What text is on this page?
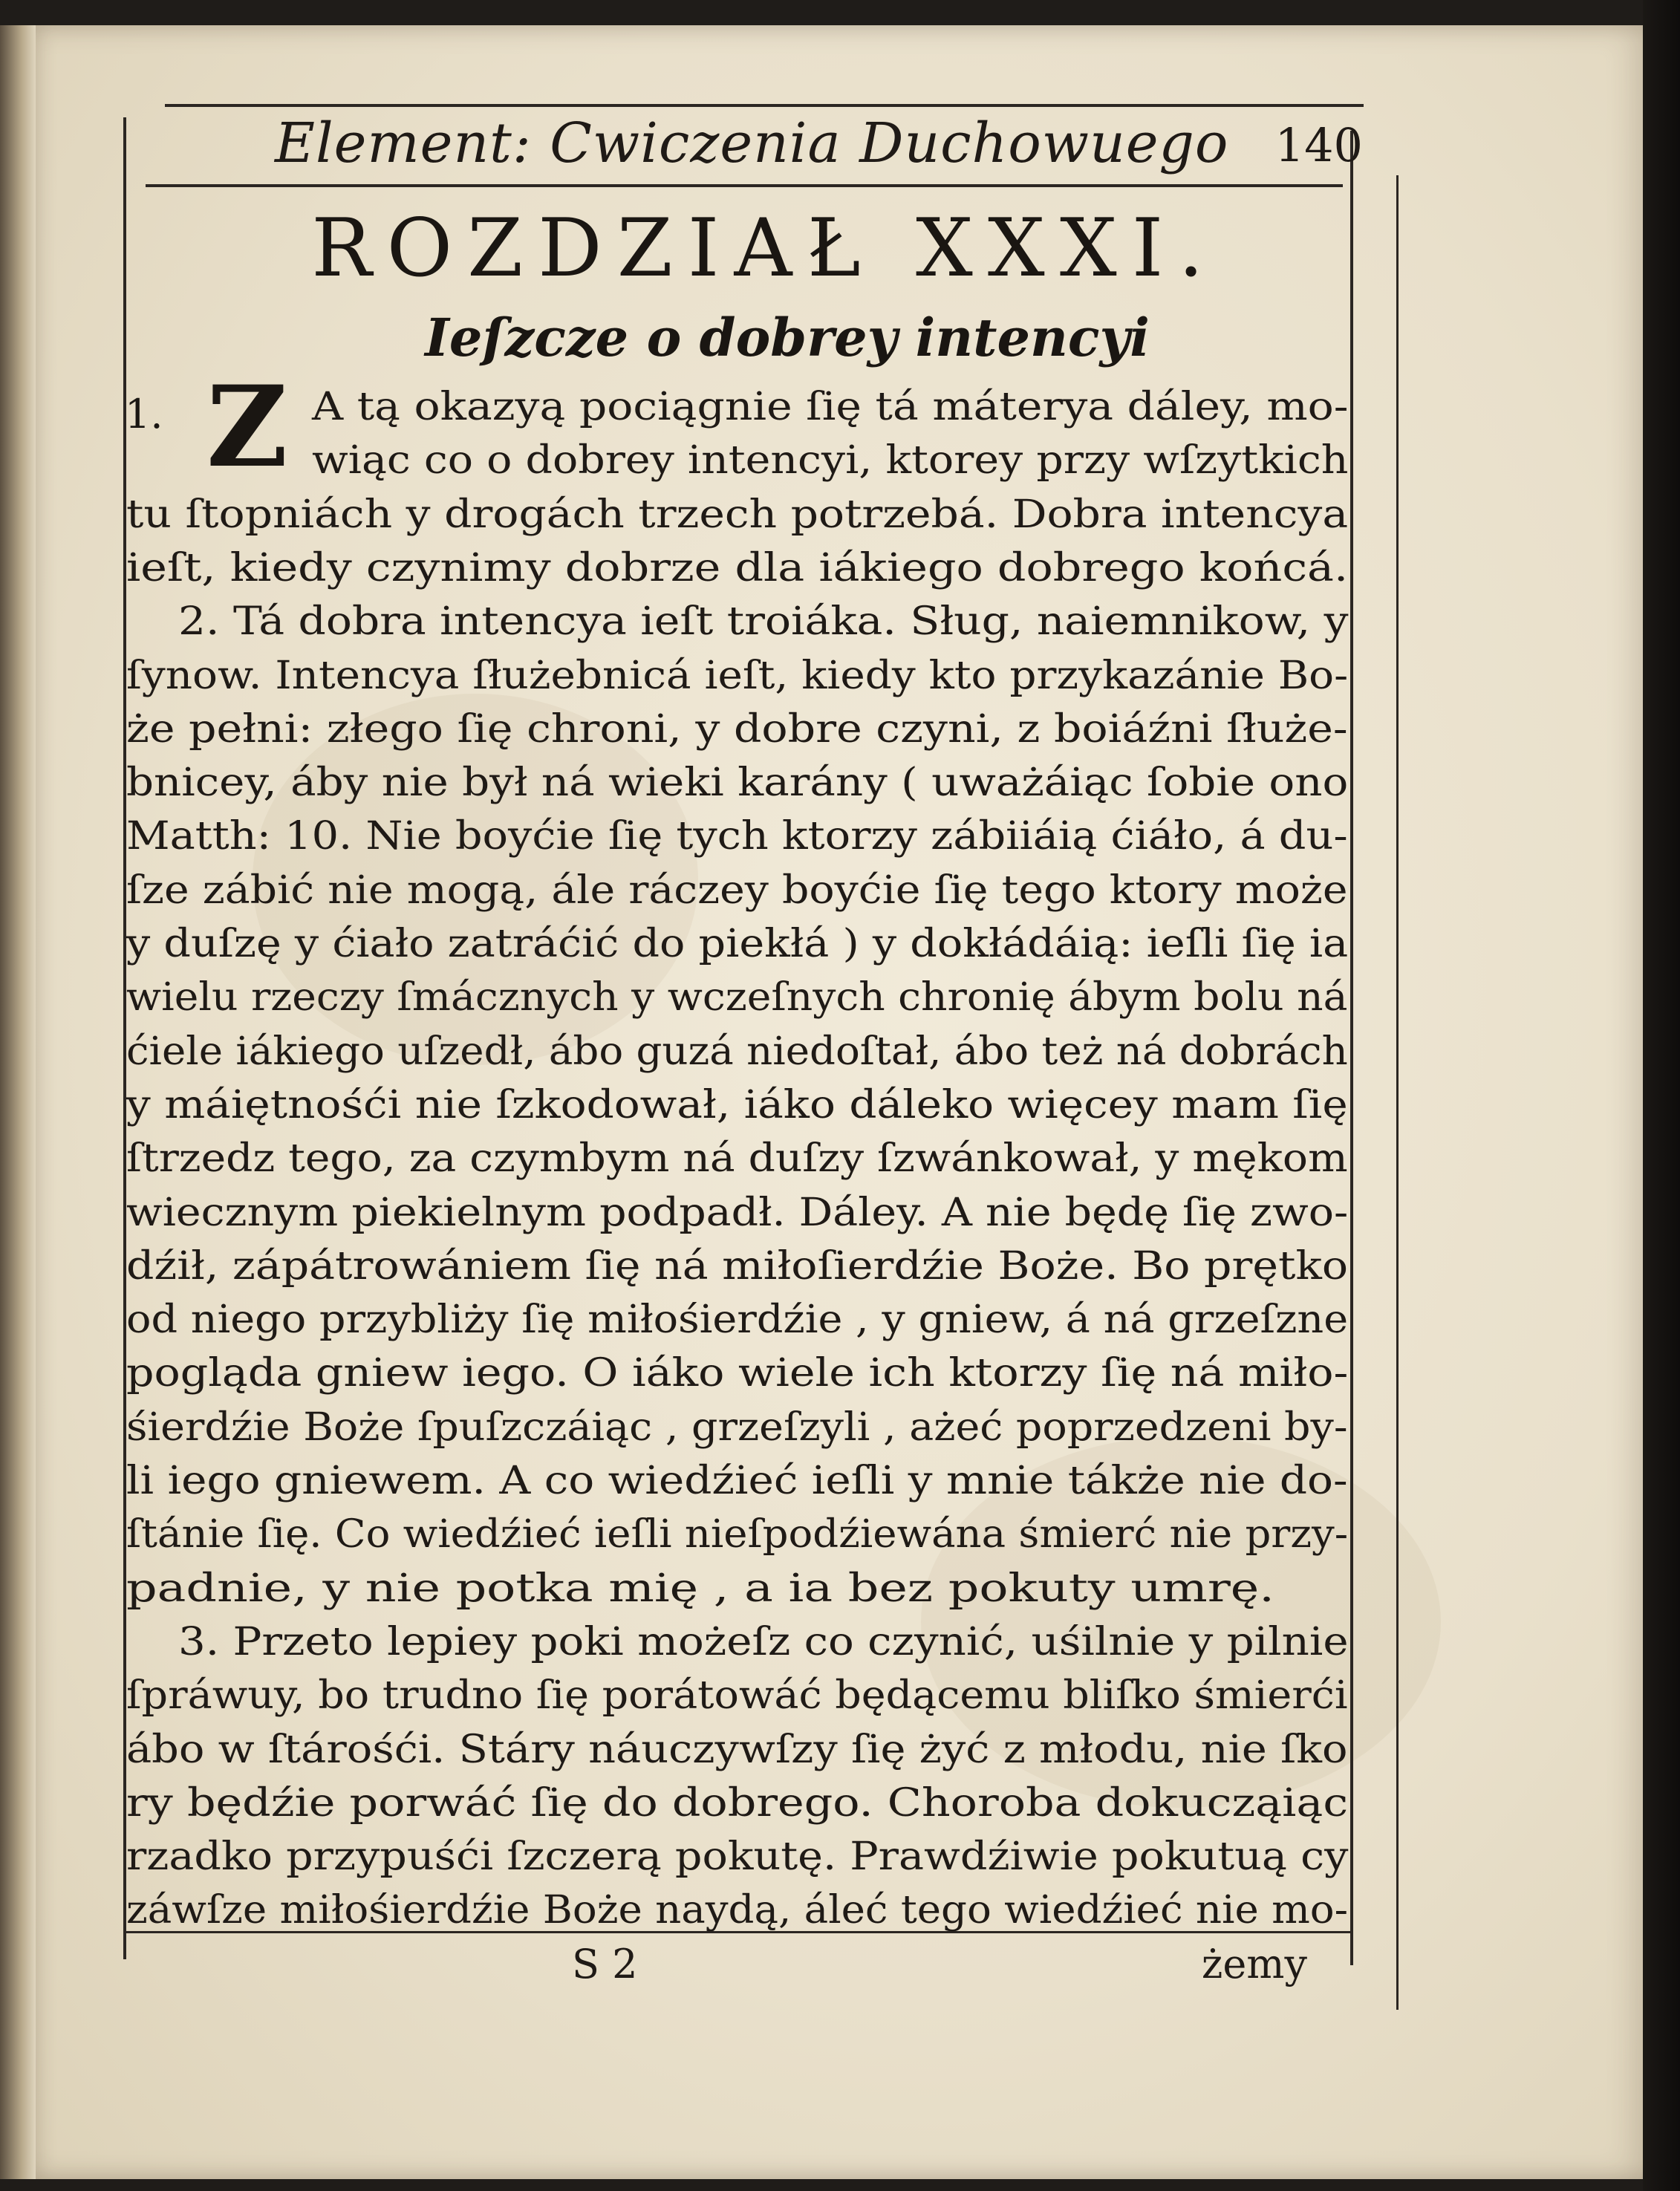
Element: Cwiczenia Duchowuego	140
ROZDZIAŁ XXXI.
Ieſzcze o dobrey intencyi
1. Z A tą okazyą pociągnie ſię tá máterya dáley, mo-
wiąc co o dobrey intencyi, ktorey przy wſzytkich
tu ſtopniách y drogách trzech potrzebá. Dobra intencya
ieſt, kiedy czynimy dobrze dla iákiego dobrego końcá.
2. Tá dobra intencya ieſt troiáka. Sług, naiemnikow, y
ſynow. Intencya ſłużebnicá ieſt, kiedy kto przykazánie Bo-
że pełni: złego ſię chroni, y dobre czyni, z boiáźni ſłuże-
bnicey, áby nie był ná wieki karány ( uważáiąc ſobie ono
Matth: 10. Nie boyćie ſię tych ktorzy zábiiáią ćiáło, á du-
ſze zábić nie mogą, ále ráczey boyćie ſię tego ktory może
y duſzę y ćiało zatráćić do piekłá ) y dokłádáią: ieſli ſię ia
wielu rzeczy ſmácznych y wczeſnych chronię ábym bolu ná
ćiele iákiego uſzedł, ábo guzá niedoſtał, ábo też ná dobrách
y máiętnośći nie ſzkodował, iáko dáleko więcey mam ſię
ſtrzedz tego, za czymbym ná duſzy ſzwánkował, y mękom
wiecznym piekielnym podpadł. Dáley. A nie będę ſię zwo-
dźił, zápátrowániem ſię ná miłoſierdźie Boże. Bo prętko
od niego przybliży ſię miłośierdźie , y gniew, á ná grzeſzne
pogląda gniew iego. O iáko wiele ich ktorzy ſię ná miło-
śierdźie Boże ſpuſzczáiąc , grzeſzyli , ażeć poprzedzeni by-
li iego gniewem. A co wiedźieć ieſli y mnie tákże nie do-
ſtánie ſię. Co wiedźieć ieſli nieſpodźiewána śmierć nie przy-
padnie, y nie potka mię , a ia bez pokuty umrę.
3. Przeto lepiey poki możeſz co czynić, uśilnie y pilnie
ſpráwuy, bo trudno ſię porátowáć będącemu bliſko śmierći
ábo w ſtárośći. Stáry náuczywſzy ſię żyć z młodu, nie ſko
ry będźie porwáć ſię do dobrego. Choroba dokucząiąc
rzadko przypuśći ſzczerą pokutę. Prawdźiwie pokutuą cy
záwſze miłośierdźie Boże naydą, áleć tego wiedźieć nie mo-
S 2	żemy
